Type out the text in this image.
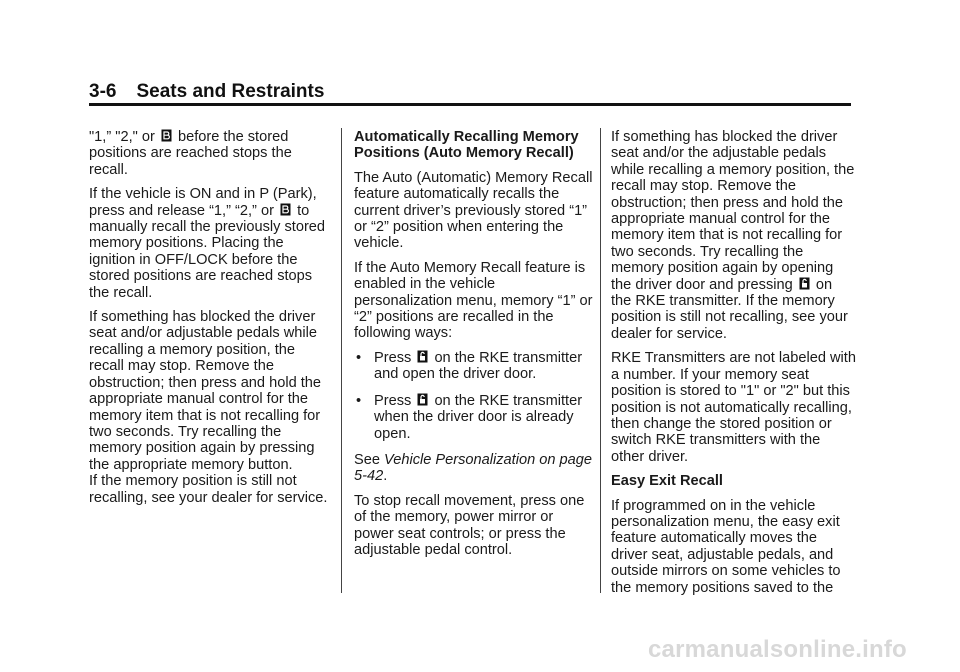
3-6 Seats and Restraints

"1,” "2," or before the stored positions are reached stops the recall.

If the vehicle is ON and in P (Park), press and release “1,” “2,” or to manually recall the previously stored memory positions. Placing the ignition in OFF/LOCK before the stored positions are reached stops the recall.

If something has blocked the driver seat and/or adjustable pedals while recalling a memory position, the recall may stop. Remove the obstruction; then press and hold the appropriate manual control for the memory item that is not recalling for two seconds. Try recalling the memory position again by pressing the appropriate memory button.

If the memory position is still not recalling, see your dealer for service.

Automatically Recalling Memory Positions (Auto Memory Recall)

The Auto (Automatic) Memory Recall feature automatically recalls the current driver’s previously stored “1” or “2” position when entering the vehicle.

If the Auto Memory Recall feature is enabled in the vehicle personalization menu, memory “1” or “2” positions are recalled in the following ways:

• Press on the RKE transmitter and open the driver door.
• Press on the RKE transmitter when the driver door is already open.

See Vehicle Personalization on page 5-42.

To stop recall movement, press one of the memory, power mirror or power seat controls; or press the adjustable pedal control.

If something has blocked the driver seat and/or the adjustable pedals while recalling a memory position, the recall may stop. Remove the obstruction; then press and hold the appropriate manual control for the memory item that is not recalling for two seconds. Try recalling the memory position again by opening the driver door and pressing on the RKE transmitter. If the memory position is still not recalling, see your dealer for service.

RKE Transmitters are not labeled with a number. If your memory seat position is stored to "1" or "2" but this position is not automatically recalling, then change the stored position or switch RKE transmitters with the other driver.

Easy Exit Recall

If programmed on in the vehicle personalization menu, the easy exit feature automatically moves the driver seat, adjustable pedals, and outside mirrors on some vehicles to the memory positions saved to the

carmanualsonline.info
